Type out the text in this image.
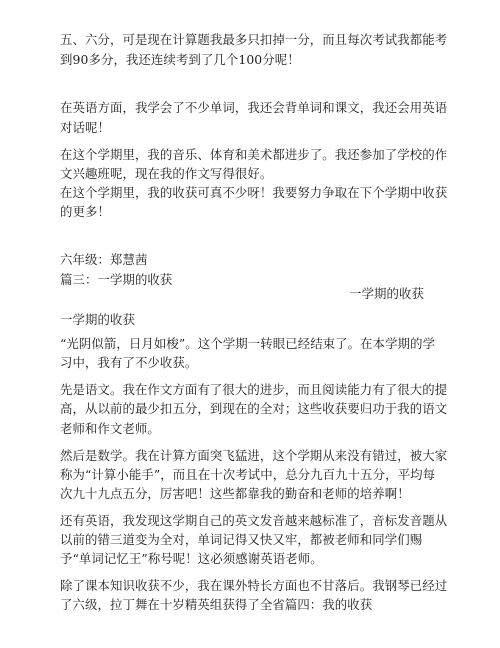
五、六分，可是现在计算题我最多只扣掉一分，而且每次考试我都能考
到90多分，我还连续考到了几个100分呢！
在英语方面，我学会了不少单词，我还会背单词和课文，我还会用英语
对话呢！
在这个学期里，我的音乐、体育和美术都进步了。我还参加了学校的作
文兴趣班呢，现在我的作文写得很好。
在这个学期里，我的收获可真不少呀！我要努力争取在下个学期中收获
的更多！
六年级：郑慧茜
篇三：一学期的收获
一学期的收获
一学期的收获
“光阴似箭，日月如梭”。这个学期一转眼已经结束了。在本学期的学
习中，我有了不少收获。
先是语文。我在作文方面有了很大的进步，而且阅读能力有了很大的提
高，从以前的最少扣五分，到现在的全对；这些收获要归功于我的语文
老师和作文老师。
然后是数学。我在计算方面突飞猛进，这个学期从来没有错过，被大家
称为“计算小能手”，而且在十次考试中，总分九百九十五分，平均每
次九十九点五分，厉害吧！这些都靠我的勤奋和老师的培养啊！
还有英语，我发现这学期自己的英文发音越来越标准了，音标发音题从
以前的错三道变为全对，单词记得又快又牢，都被老师和同学们赐
予“单词记忆王”称号呢！这必须感谢英语老师。
除了课本知识收获不少，我在课外特长方面也不甘落后。我钢琴已经过
了六级，拉丁舞在十岁精英组获得了全省篇四：我的收获
